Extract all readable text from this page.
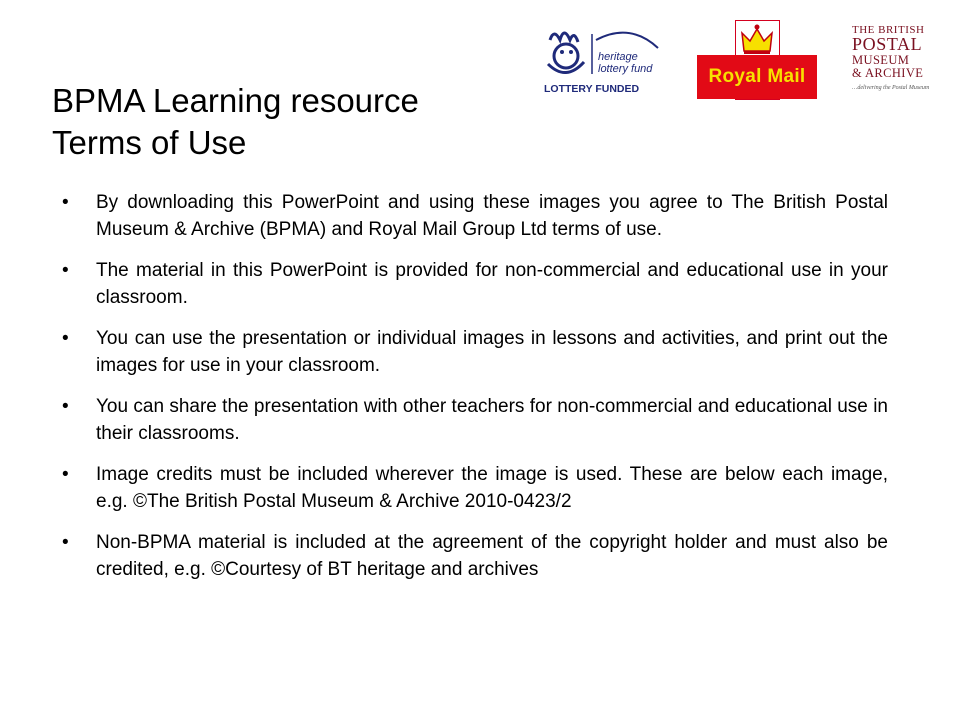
heritage
lottery fund
LOTTERY FUNDED
Royal Mail
THE BRITISH
POSTAL
MUSEUM
& ARCHIVE
…delivering the Postal Museum
BPMA Learning resource
Terms of Use
• By downloading this PowerPoint and using these images you agree to The British Postal Museum & Archive (BPMA) and Royal Mail Group Ltd terms of use.
• The material in this PowerPoint is provided for non-commercial and educational use in your classroom.
• You can use the presentation or individual images in lessons and activities, and print out the images for use in your classroom.
• You can share the presentation with other teachers for non-commercial and educational use in their classrooms.
• Image credits must be included wherever the image is used. These are below each image, e.g. ©The British Postal Museum & Archive 2010-0423/2
• Non-BPMA material is included at the agreement of the copyright holder and must also be credited, e.g. ©Courtesy of BT heritage and archives
